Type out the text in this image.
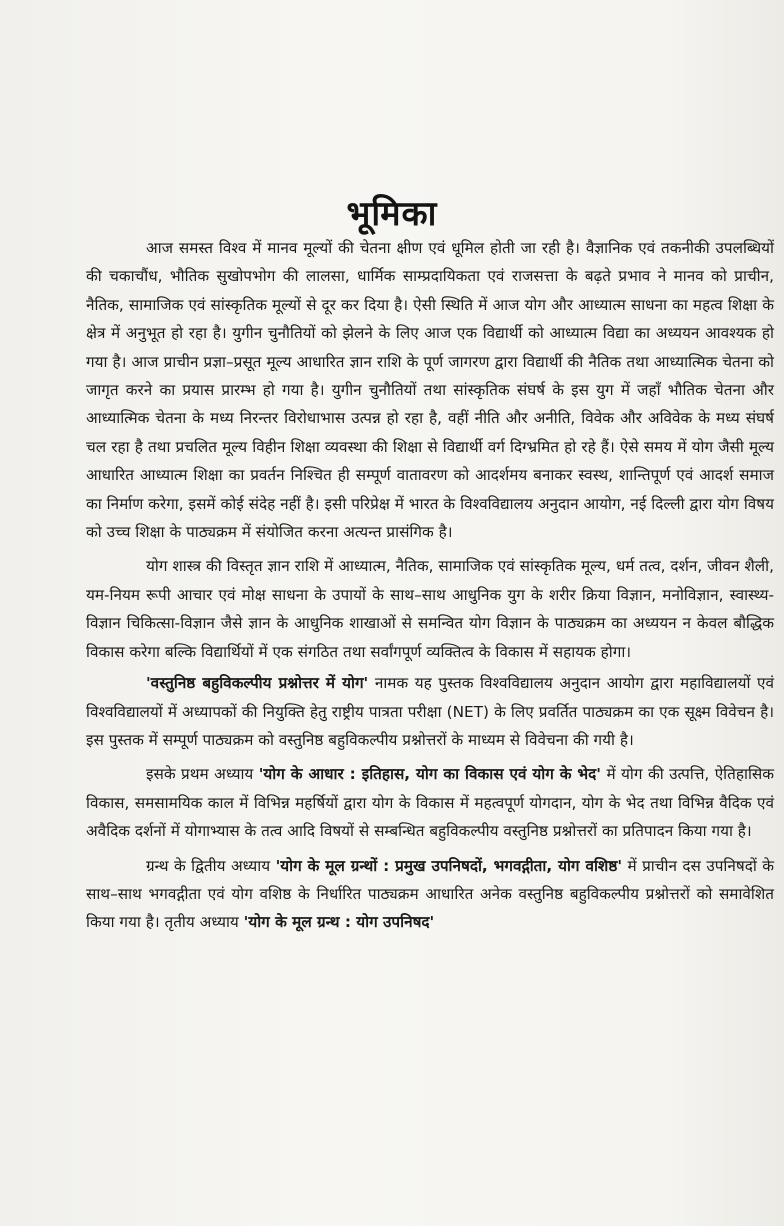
भूमिका

आज समस्त विश्व में मानव मूल्यों की चेतना क्षीण एवं धूमिल होती जा रही है। वैज्ञानिक एवं तकनीकी उपलब्धियों की चकाचौंध, भौतिक सुखोपभोग की लालसा, धार्मिक साम्प्रदायिकता एवं राजसत्ता के बढ़ते प्रभाव ने मानव को प्राचीन, नैतिक, सामाजिक एवं सांस्कृतिक मूल्यों से दूर कर दिया है। ऐसी स्थिति में आज योग और आध्यात्म साधना का महत्व शिक्षा के क्षेत्र में अनुभूत हो रहा है। युगीन चुनौतियों को झेलने के लिए आज एक विद्यार्थी को आध्यात्म विद्या का अध्ययन आवश्यक हो गया है। आज प्राचीन प्रज्ञा–प्रसूत मूल्य आधारित ज्ञान राशि के पूर्ण जागरण द्वारा विद्यार्थी की नैतिक तथा आध्यात्मिक चेतना को जागृत करने का प्रयास प्रारम्भ हो गया है। युगीन चुनौतियों तथा सांस्कृतिक संघर्ष के इस युग में जहाँ भौतिक चेतना और आध्यात्मिक चेतना के मध्य निरन्तर विरोधाभास उत्पन्न हो रहा है, वहीं नीति और अनीति, विवेक और अविवेक के मध्य संघर्ष चल रहा है तथा प्रचलित मूल्य विहीन शिक्षा व्यवस्था की शिक्षा से विद्यार्थी वर्ग दिग्भ्रमित हो रहे हैं। ऐसे समय में योग जैसी मूल्य आधारित आध्यात्म शिक्षा का प्रवर्तन निश्चित ही सम्पूर्ण वातावरण को आदर्शमय बनाकर स्वस्थ, शान्तिपूर्ण एवं आदर्श समाज का निर्माण करेगा, इसमें कोई संदेह नहीं है। इसी परिप्रेक्ष में भारत के विश्वविद्यालय अनुदान आयोग, नई दिल्ली द्वारा योग विषय को उच्च शिक्षा के पाठ्यक्रम में संयोजित करना अत्यन्त प्रासंगिक है।

योग शास्त्र की विस्तृत ज्ञान राशि में आध्यात्म, नैतिक, सामाजिक एवं सांस्कृतिक मूल्य, धर्म तत्व, दर्शन, जीवन शैली, यम-नियम रूपी आचार एवं मोक्ष साधना के उपायों के साथ–साथ आधुनिक युग के शरीर क्रिया विज्ञान, मनोविज्ञान, स्वास्थ्य-विज्ञान चिकित्सा-विज्ञान जैसे ज्ञान के आधुनिक शाखाओं से समन्वित योग विज्ञान के पाठ्यक्रम का अध्ययन न केवल बौद्धिक विकास करेगा बल्कि विद्यार्थियों में एक संगठित तथा सर्वांगपूर्ण व्यक्तित्व के विकास में सहायक होगा।

'वस्तुनिष्ठ बहुविकल्पीय प्रश्नोत्तर में योग' नामक यह पुस्तक विश्वविद्यालय अनुदान आयोग द्वारा महाविद्यालयों एवं विश्वविद्यालयों में अध्यापकों की नियुक्ति हेतु राष्ट्रीय पात्रता परीक्षा (NET) के लिए प्रवर्तित पाठ्यक्रम का एक सूक्ष्म विवेचन है। इस पुस्तक में सम्पूर्ण पाठ्यक्रम को वस्तुनिष्ठ बहुविकल्पीय प्रश्नोत्तरों के माध्यम से विवेचना की गयी है।

इसके प्रथम अध्याय 'योग के आधार : इतिहास, योग का विकास एवं योग के भेद' में योग की उत्पत्ति, ऐतिहासिक विकास, समसामयिक काल में विभिन्न महर्षियों द्वारा योग के विकास में महत्वपूर्ण योगदान, योग के भेद तथा विभिन्न वैदिक एवं अवैदिक दर्शनों में योगाभ्यास के तत्व आदि विषयों से सम्बन्धित बहुविकल्पीय वस्तुनिष्ठ प्रश्नोत्तरों का प्रतिपादन किया गया है।

ग्रन्थ के द्वितीय अध्याय 'योग के मूल ग्रन्थों : प्रमुख उपनिषदों, भगवद्गीता, योग वशिष्ठ' में प्राचीन दस उपनिषदों के साथ–साथ भगवद्गीता एवं योग वशिष्ठ के निर्धारित पाठ्यक्रम आधारित अनेक वस्तुनिष्ठ बहुविकल्पीय प्रश्नोत्तरों को समावेशित किया गया है। तृतीय अध्याय 'योग के मूल ग्रन्थ : योग उपनिषद'
